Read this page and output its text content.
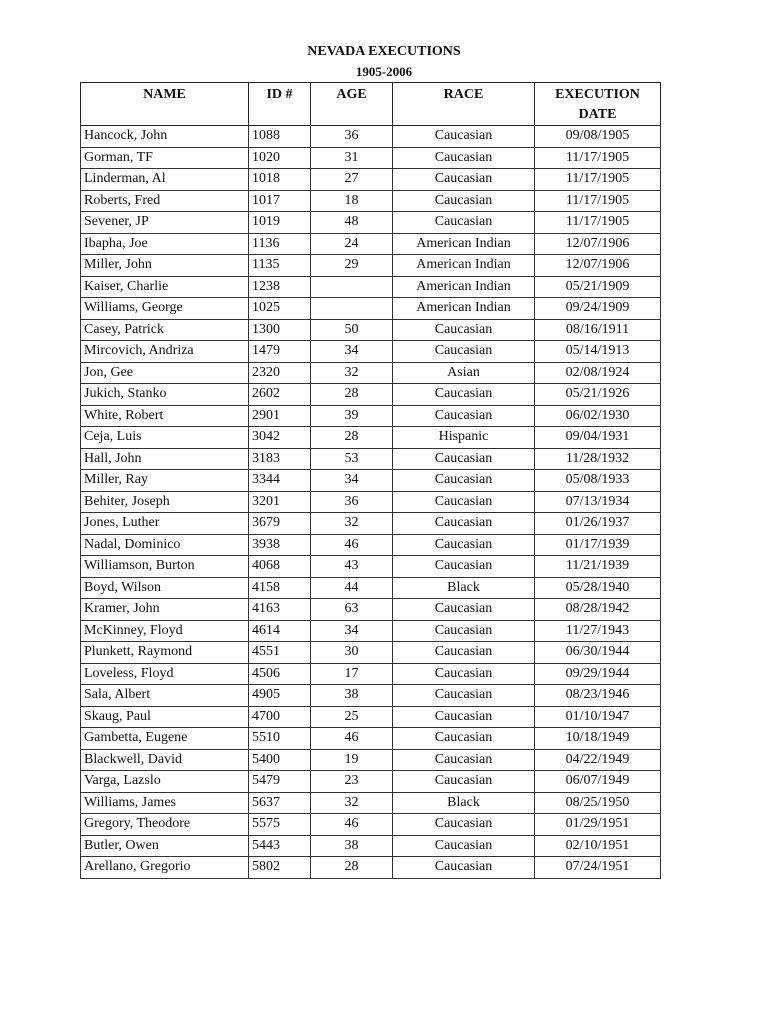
NEVADA EXECUTIONS
1905-2006
NAME	ID #	AGE	RACE	EXECUTION
DATE

Hancock, John	1088	36	Caucasian	09/08/1905
Gorman, TF	1020	31	Caucasian	11/17/1905
Linderman, Al	1018	27	Caucasian	11/17/1905
Roberts, Fred	1017	18	Caucasian	11/17/1905
Sevener, JP	1019	48	Caucasian	11/17/1905
Ibapha, Joe	1136	24	American Indian	12/07/1906
Miller, John	1135	29	American Indian	12/07/1906
Kaiser, Charlie	1238		American Indian	05/21/1909
Williams, George	1025		American Indian	09/24/1909
Casey, Patrick	1300	50	Caucasian	08/16/1911
Mircovich, Andriza	1479	34	Caucasian	05/14/1913
Jon, Gee	2320	32	Asian	02/08/1924
Jukich, Stanko	2602	28	Caucasian	05/21/1926
White, Robert	2901	39	Caucasian	06/02/1930
Ceja, Luis	3042	28	Hispanic	09/04/1931
Hall, John	3183	53	Caucasian	11/28/1932
Miller, Ray	3344	34	Caucasian	05/08/1933
Behiter, Joseph	3201	36	Caucasian	07/13/1934
Jones, Luther	3679	32	Caucasian	01/26/1937
Nadal, Dominico	3938	46	Caucasian	01/17/1939
Williamson, Burton	4068	43	Caucasian	11/21/1939
Boyd, Wilson	4158	44	Black	05/28/1940
Kramer, John	4163	63	Caucasian	08/28/1942
McKinney, Floyd	4614	34	Caucasian	11/27/1943
Plunkett, Raymond	4551	30	Caucasian	06/30/1944
Loveless, Floyd	4506	17	Caucasian	09/29/1944
Sala, Albert	4905	38	Caucasian	08/23/1946
Skaug, Paul	4700	25	Caucasian	01/10/1947
Gambetta, Eugene	5510	46	Caucasian	10/18/1949
Blackwell, David	5400	19	Caucasian	04/22/1949
Varga, Lazslo	5479	23	Caucasian	06/07/1949
Williams, James	5637	32	Black	08/25/1950
Gregory, Theodore	5575	46	Caucasian	01/29/1951
Butler, Owen	5443	38	Caucasian	02/10/1951
Arellano, Gregorio	5802	28	Caucasian	07/24/1951
